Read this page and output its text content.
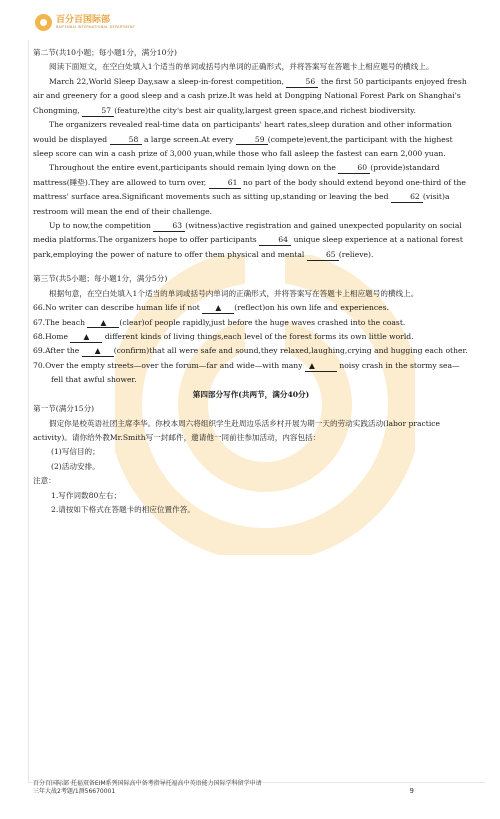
百分百国际部
BAIFENBAI INTERNATIONAL DEPARTMENT

第二节(共10小题；每小题1分，满分10分)

阅读下面短文，在空白处填入1个适当的单词或括号内单词的正确形式，并将答案写在答题卡上相应题号的横线上。

March 22,World Sleep Day,saw a sleep-in-forest competition,	56 the first 50 participants enjoyed fresh air and greenery for a good sleep and a cash prize.It was held at Dongping National Forest Park on Shanghai's Chongming,	57 (feature)the city's best air quality,largest green space,and richest biodiversity.

The organizers revealed real-time data on participants' heart rates,sleep duration and other information would be displayed	58 a large screen.At every	59 (compete)event,the participant with the highest sleep score can win a cash prize of 3,000 yuan,while those who fall asleep the fastest can earn 2,000 yuan.

Throughout the entire event,participants should remain lying down on the	60 (provide)standard mattress(睡垫).They are allowed to turn over,	61 no part of the body should extend beyond one-third of the mattress' surface area.Significant movements such as sitting up,standing or leaving the bed	62 (visit)a restroom will mean the end of their challenge.

Up to now,the competition	63 (witness)active registration and gained unexpected popularity on social media platforms.The organizers hope to offer participants	64 unique sleep experience at a national forest park,employing the power of nature to offer them physical and mental	65 (relieve).

第三节(共5小题；每小题1分，满分5分)

根据句意，在空白处填入1个适当的单词或括号内单词的正确形式，并将答案写在答题卡上相应题号的横线上。

66.No writer can describe human life if not ▲ (reflect)on his own life and experiences.

67.The beach ▲ (clear)of people rapidly,just before the huge waves crashed into the coast.

68.Home ▲ different kinds of living things,each level of the forest forms its own little world.

69.After the ▲ (confirm)that all were safe and sound,they relaxed,laughing,crying and hugging each other.

70.Over the empty streets—over the forum—far and wide—with many ▲	noisy crash in the stormy sea—fell that awful shower.

第四部分写作(共两节，满分40分)

第一节(满分15分)

假定你是校英语社团主席李华。你校本周六将组织学生赴周边乐活乡村开展为期一天的劳动实践活动(labor practice activity)。请你给外教Mr.Smith写一封邮件，邀请他一同前往参加活动，内容包括：

(1)写信目的；

(2)活动安排。

注意：

1.写作词数80左右；

2.请按如下格式在答题卡的相应位置作答。

百分百国际部 托福双备EIM系列国际高中备考指导托福高中英语能力国际学科留学申请
三年大战2考题/1测56670001	9
